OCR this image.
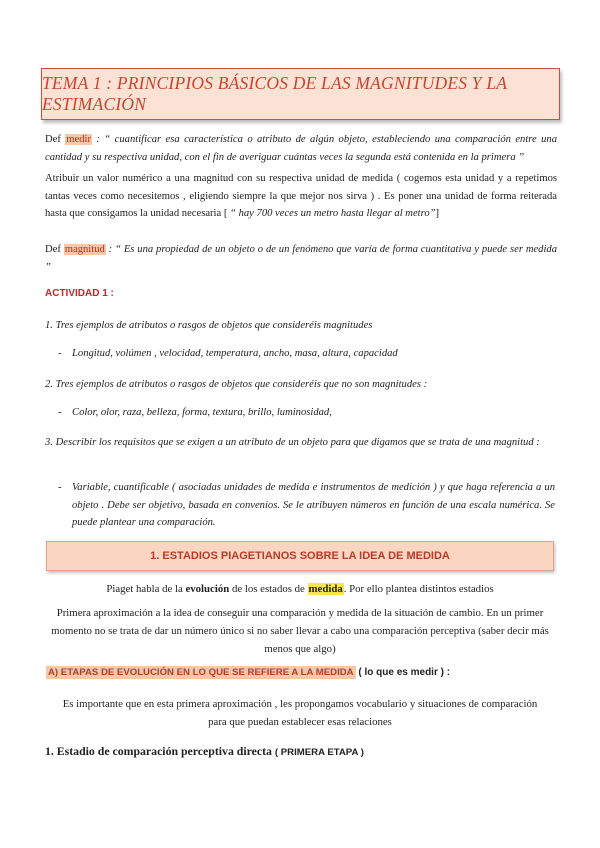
TEMA 1 : PRINCIPIOS BÁSICOS DE LAS MAGNITUDES Y LA ESTIMACIÓN
Def medir : “ cuantificar esa característica o atributo de algún objeto, estableciendo una comparación entre una cantidad y su respectiva unidad, con el fin de averiguar cuántas veces la segunda está contenida en la primera ”
Atribuir un valor numérico a una magnitud con su respectiva unidad de medida ( cogemos esta unidad y a repetimos tantas veces como necesitemos , eligiendo siempre la que mejor nos sirva ) . Es poner una unidad de forma reiterada hasta que consigamos la unidad necesaria [ “ hay 700 veces un metro hasta llegar al metro”]
Def magnitud : “ Es una propiedad de un objeto o de un fenómeno que varía de forma cuantitativa y puede ser medida ”
ACTIVIDAD 1 :
1. Tres ejemplos de atributos o rasgos de objetos que consideréis magnitudes
- Longitud, volúmen , velocidad, temperatura, ancho, masa, altura, capacidad
2. Tres ejemplos de atributos o rasgos de objetos que consideréis que no son magnitudes :
- Color, olor, raza, belleza, forma, textura, brillo, luminosidad,
3. Describir los requisitos que se exigen a un atributo de un objeto para que digamos que se trata de una magnitud :
- Variable, cuantificable ( asociadas unidades de medida e instrumentos de medición ) y que haga referencia a un objeto . Debe ser objetivo, basada en convenios. Se le atribuyen números en función de una escala numérica. Se puede plantear una comparación.
1. ESTADIOS PIAGETIANOS SOBRE LA IDEA DE MEDIDA
Piaget habla de la evolución de los estados de medida. Por ello plantea distintos estadios
Primera aproximación a la idea de conseguir una comparación y medida de la situación de cambio. En un primer momento no se trata de dar un número único si no saber llevar a cabo una comparación perceptiva (saber decir más menos que algo)
A) ETAPAS DE EVOLUCIÓN EN LO QUE SE REFIERE A LA MEDIDA ( lo que es medir ) :
Es importante que en esta primera aproximación , les propongamos vocabulario y situaciones de comparación para que puedan establecer esas relaciones
1. Estadio de comparación perceptiva directa ( PRIMERA ETAPA )
